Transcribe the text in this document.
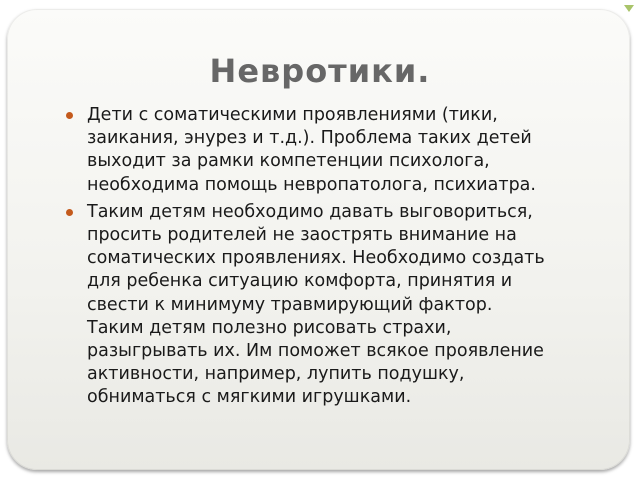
Невротики.
Дети с соматическими проявлениями (тики,
заикания, энурез и т.д.). Проблема таких детей
выходит за рамки компетенции психолога,
необходима помощь невропатолога, психиатра.
Таким детям необходимо давать выговориться,
просить родителей не заострять внимание на
соматических проявлениях. Необходимо создать
для ребенка ситуацию комфорта, принятия и
свести к минимуму травмирующий фактор.
Таким детям полезно рисовать страхи,
разыгрывать их. Им поможет всякое проявление
активности, например, лупить подушку,
обниматься с мягкими игрушками.
